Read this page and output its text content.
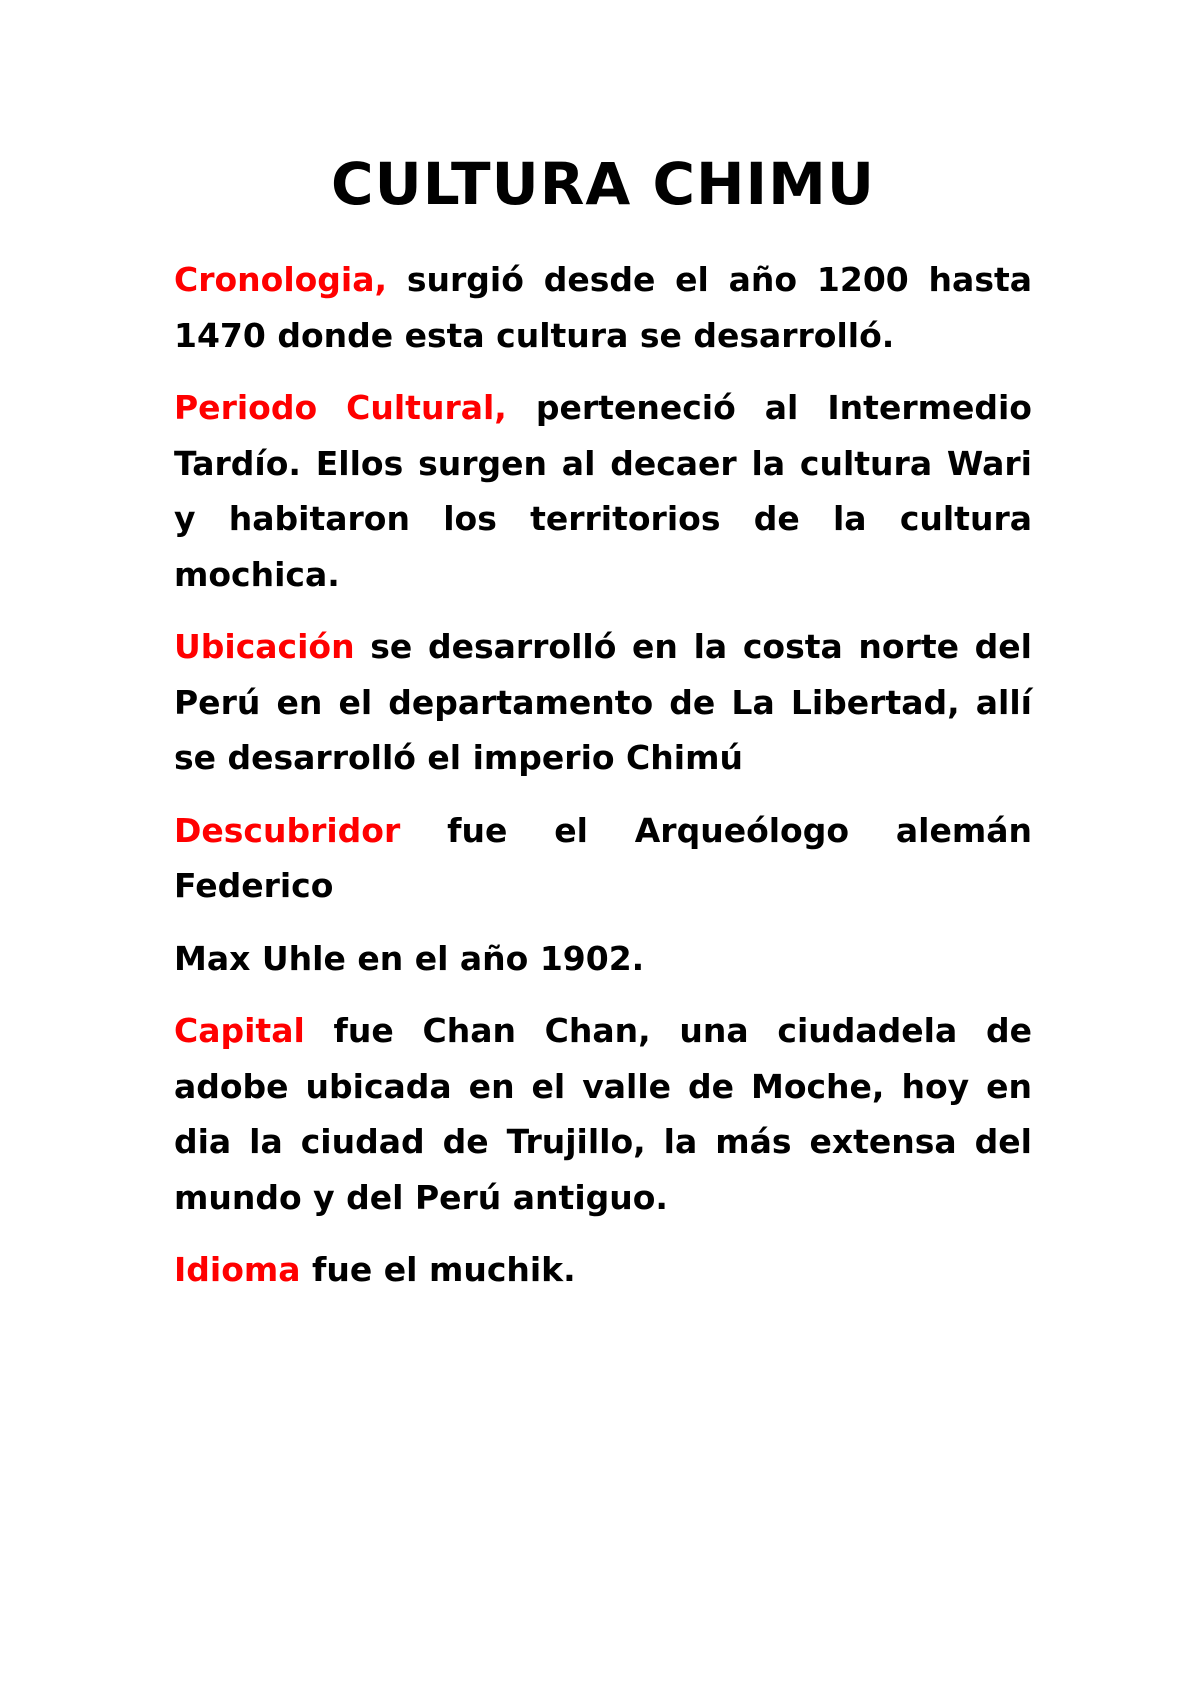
CULTURA CHIMU

Cronologia, surgió desde el año 1200 hasta 1470 donde esta cultura se desarrolló.

Periodo Cultural, perteneció al Intermedio Tardío. Ellos surgen al decaer la cultura Wari y habitaron los territorios de la cultura mochica.

Ubicación se desarrolló en la costa norte del Perú en el departamento de La Libertad, allí se desarrolló el imperio Chimú

Descubridor fue el Arqueólogo alemán Federico

Max Uhle en el año 1902.

Capital fue Chan Chan, una ciudadela de adobe ubicada en el valle de Moche, hoy en dia la ciudad de Trujillo, la más extensa del mundo y del Perú antiguo.

Idioma fue el muchik.
